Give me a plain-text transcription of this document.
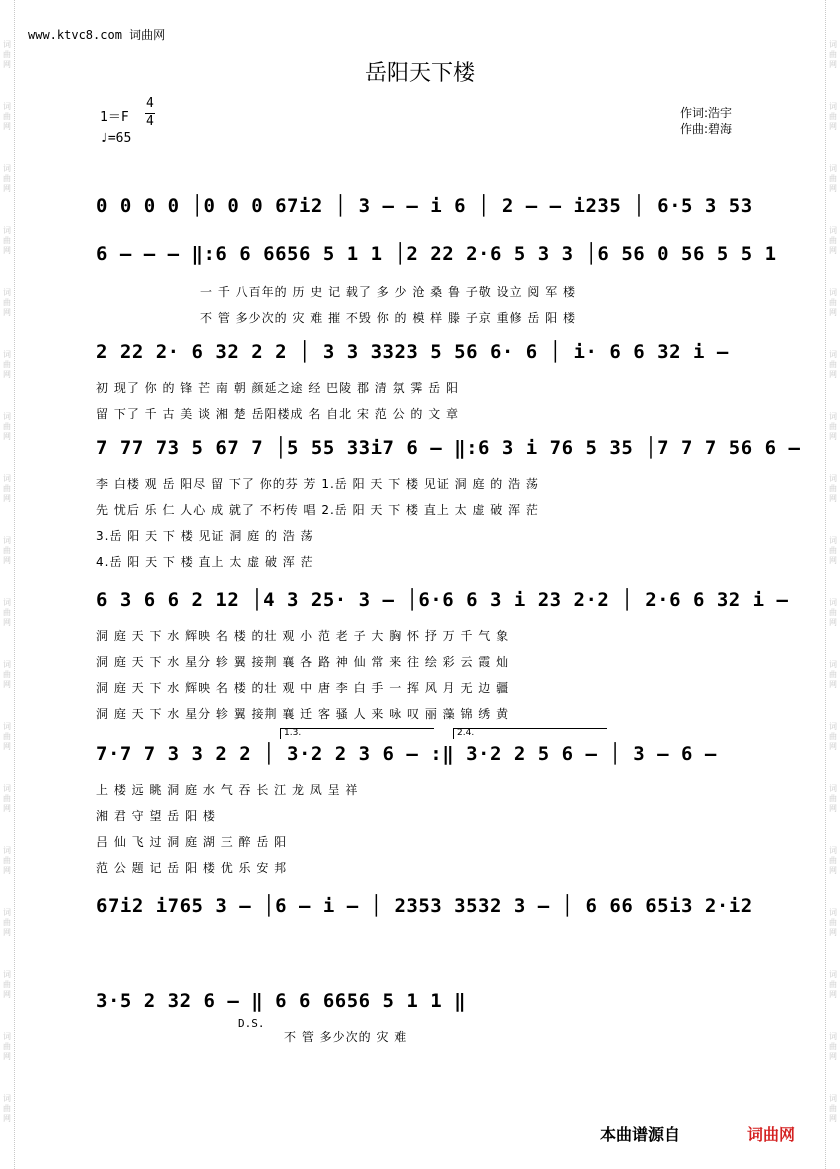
www.ktvc8.com 词曲网
岳阳天下楼
1＝F
4
4
♩=65
作词:浩宇
作曲:碧海
0 0 0 0 │0 0 0 67i2 │ 3 – – i 6 │ 2 – – i235 │ 6·5 3 53
6 – – – ‖:6 6 6656 5 1 1 │2 22 2·6 5 3 3 │6 56 0 56 5 5 1
一 千 八百年的 历 史 记 载了 多 少 沧 桑 鲁 子敬 设立 阅 军 楼
不 管 多少次的 灾 难 摧 不毁 你 的 模 样 滕 子京 重修 岳 阳 楼
2 22 2· 6 32 2 2 │ 3 3 3323 5 56 6· 6 │ i· 6 6 32 i –
初 现了 你 的 锋 芒 南 朝 颜延之途 经 巴陵 郡 清 氛 霁 岳 阳
留 下了 千 古 美 谈 湘 楚 岳阳楼成 名 自北 宋 范 公 的 文 章
7 77 73 5 67 7 │5 55 33i7 6 – ‖:6 3 i 76 5 35 │7 7 7 56 6 –
李 白楼 观 岳 阳尽 留 下了 你的芬 芳 1.岳 阳 天 下 楼 见证 洞 庭 的 浩 荡
先 忧后 乐 仁 人心 成 就了 不朽传 唱 2.岳 阳 天 下 楼 直上 太 虚 破 浑 茫
3.岳 阳 天 下 楼 见证 洞 庭 的 浩 荡
4.岳 阳 天 下 楼 直上 太 虚 破 浑 茫
6 3 6 6 2 12 │4 3 25· 3 – │6·6 6 3 i 23 2·2 │ 2·6 6 32 i –
洞 庭 天 下 水 辉映 名 楼 的壮 观 小 范 老 子 大 胸 怀 抒 万 千 气 象
洞 庭 天 下 水 星分 轸 翼 接荆 襄 各 路 神 仙 常 来 往 绘 彩 云 霞 灿
洞 庭 天 下 水 辉映 名 楼 的壮 观 中 唐 李 白 手 一 挥 风 月 无 边 疆
洞 庭 天 下 水 星分 轸 翼 接荆 襄 迁 客 骚 人 来 咏 叹 丽 藻 锦 绣 黄
1.3.	2.4.
7·7 7 3 3 2 2 │ 3·2 2 3 6 – :‖ 3·2 2 5 6 – │ 3 – 6 –
上 楼 远 眺 洞 庭 水 气 吞 长 江 龙 凤 呈 祥
湘 君 守 望 岳 阳 楼
吕 仙 飞 过 洞 庭 湖 三 醉 岳 阳
范 公 题 记 岳 阳 楼 优 乐 安 邦
67i2 i765 3 – │6 – i – │ 2353 3532 3 – │ 6 66 65i3 2·i2
3·5 2 32 6 – ‖ 6 6 6656 5 1 1 ‖
D.S.
不 管 多少次的 灾 难
本曲谱源自	词曲网
词
曲
网
词
曲
网
词
曲
网
词
曲
网
词
曲
网
词
曲
网
词
曲
网
词
曲
网
词
曲
网
词
曲
网
词
曲
网
词
曲
网
词
曲
网
词
曲
网
词
曲
网
词
曲
网
词
曲
网
词
曲
网
词
曲
网
词
曲
网
词
曲
网
词
曲
网
词
曲
网
词
曲
网
词
曲
网
词
曲
网
词
曲
网
词
曲
网
词
曲
网
词
曲
网
词
曲
网
词
曲
网
词
曲
网
词
曲
网
词
曲
网
词
曲
网
